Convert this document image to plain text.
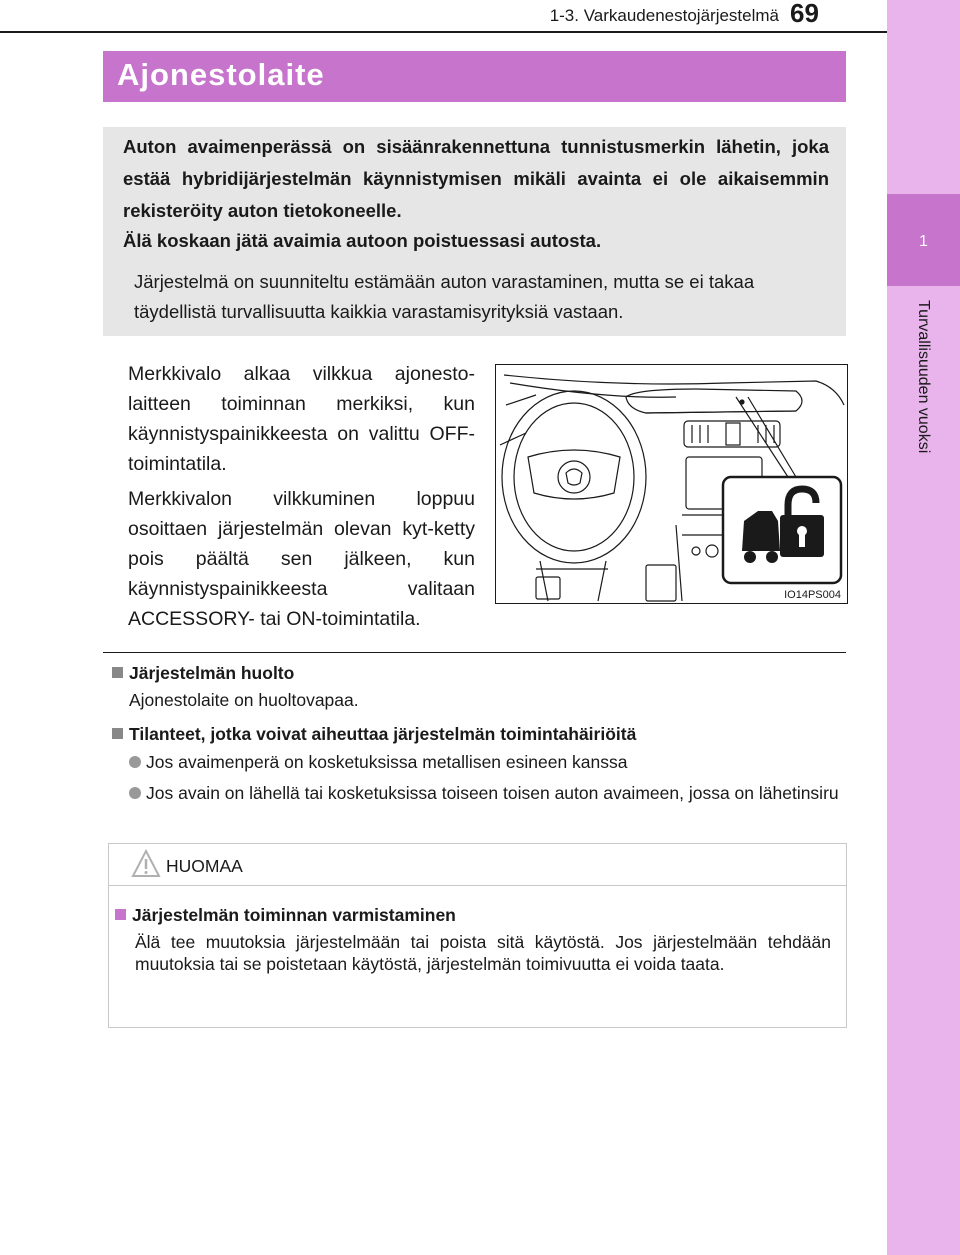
1-3. Varkaudenestojärjestelmä 69
1
Turvallisuuden vuoksi
Ajonestolaite
Auton avaimenperässä on sisäänrakennettuna tunnistusmerkin lähetin, joka estää hybridijärjestelmän käynnistymisen mikäli avainta ei ole aikaisemmin rekisteröity auton tietokoneelle.
Älä koskaan jätä avaimia autoon poistuessasi autosta.
Järjestelmä on suunniteltu estämään auton varastaminen, mutta se ei takaa täydellistä turvallisuutta kaikkia varastamisyrityksiä vastaan.
Merkkivalo alkaa vilkkua ajonesto-laitteen toiminnan merkiksi, kun käynnistyspainikkeesta on valittu OFF-toimintatila.
Merkkivalon vilkkuminen loppuu osoittaen järjestelmän olevan kyt-ketty pois päältä sen jälkeen, kun käynnistyspainikkeesta valitaan ACCESSORY- tai ON-toimintatila.
IO14PS004
Järjestelmän huolto
Ajonestolaite on huoltovapaa.
Tilanteet, jotka voivat aiheuttaa järjestelmän toimintahäiriöitä
Jos avaimenperä on kosketuksissa metallisen esineen kanssa
Jos avain on lähellä tai kosketuksissa toiseen toisen auton avaimeen, jossa on lähetinsiru
HUOMAA
Järjestelmän toiminnan varmistaminen
Älä tee muutoksia järjestelmään tai poista sitä käytöstä. Jos järjestelmään tehdään muutoksia tai se poistetaan käytöstä, järjestelmän toimivuutta ei voida taata.
